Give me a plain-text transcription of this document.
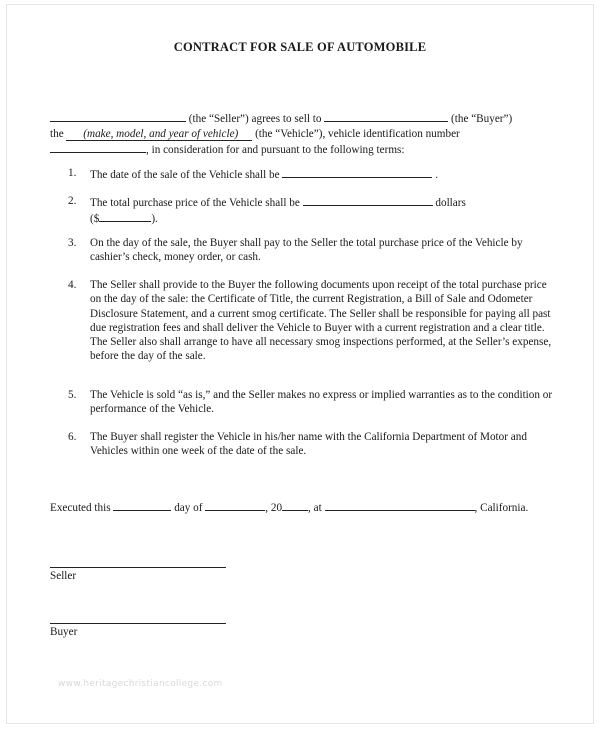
CONTRACT FOR SALE OF AUTOMOBILE
(the “Seller”) agrees to sell to	(the “Buyer”)
the       (make, model, and year of vehicle)      (the “Vehicle”), vehicle identification number
, in consideration for and pursuant to the following terms:
1. The date of the sale of the Vehicle shall be	.
2. The total purchase price of the Vehicle shall be	dollars
($	).
3. On the day of the sale, the Buyer shall pay to the Seller the total purchase price of the Vehicle by cashier’s check, money order, or cash.
4. The Seller shall provide to the Buyer the following documents upon receipt of the total purchase price on the day of the sale: the Certificate of Title, the current Registration, a Bill of Sale and Odometer Disclosure Statement, and a current smog certificate. The Seller shall be responsible for paying all past due registration fees and shall deliver the Vehicle to Buyer with a current registration and a clear title. The Seller also shall arrange to have all necessary smog inspections performed, at the Seller’s expense, before the day of the sale.
5. The Vehicle is sold “as is,” and the Seller makes no express or implied warranties as to the condition or performance of the Vehicle.
6. The Buyer shall register the Vehicle in his/her name with the California Department of Motor and Vehicles within one week of the date of the sale.
Executed this	day of	, 20 , at	, California.
Seller
Buyer
www.heritagechristiancollege.com
